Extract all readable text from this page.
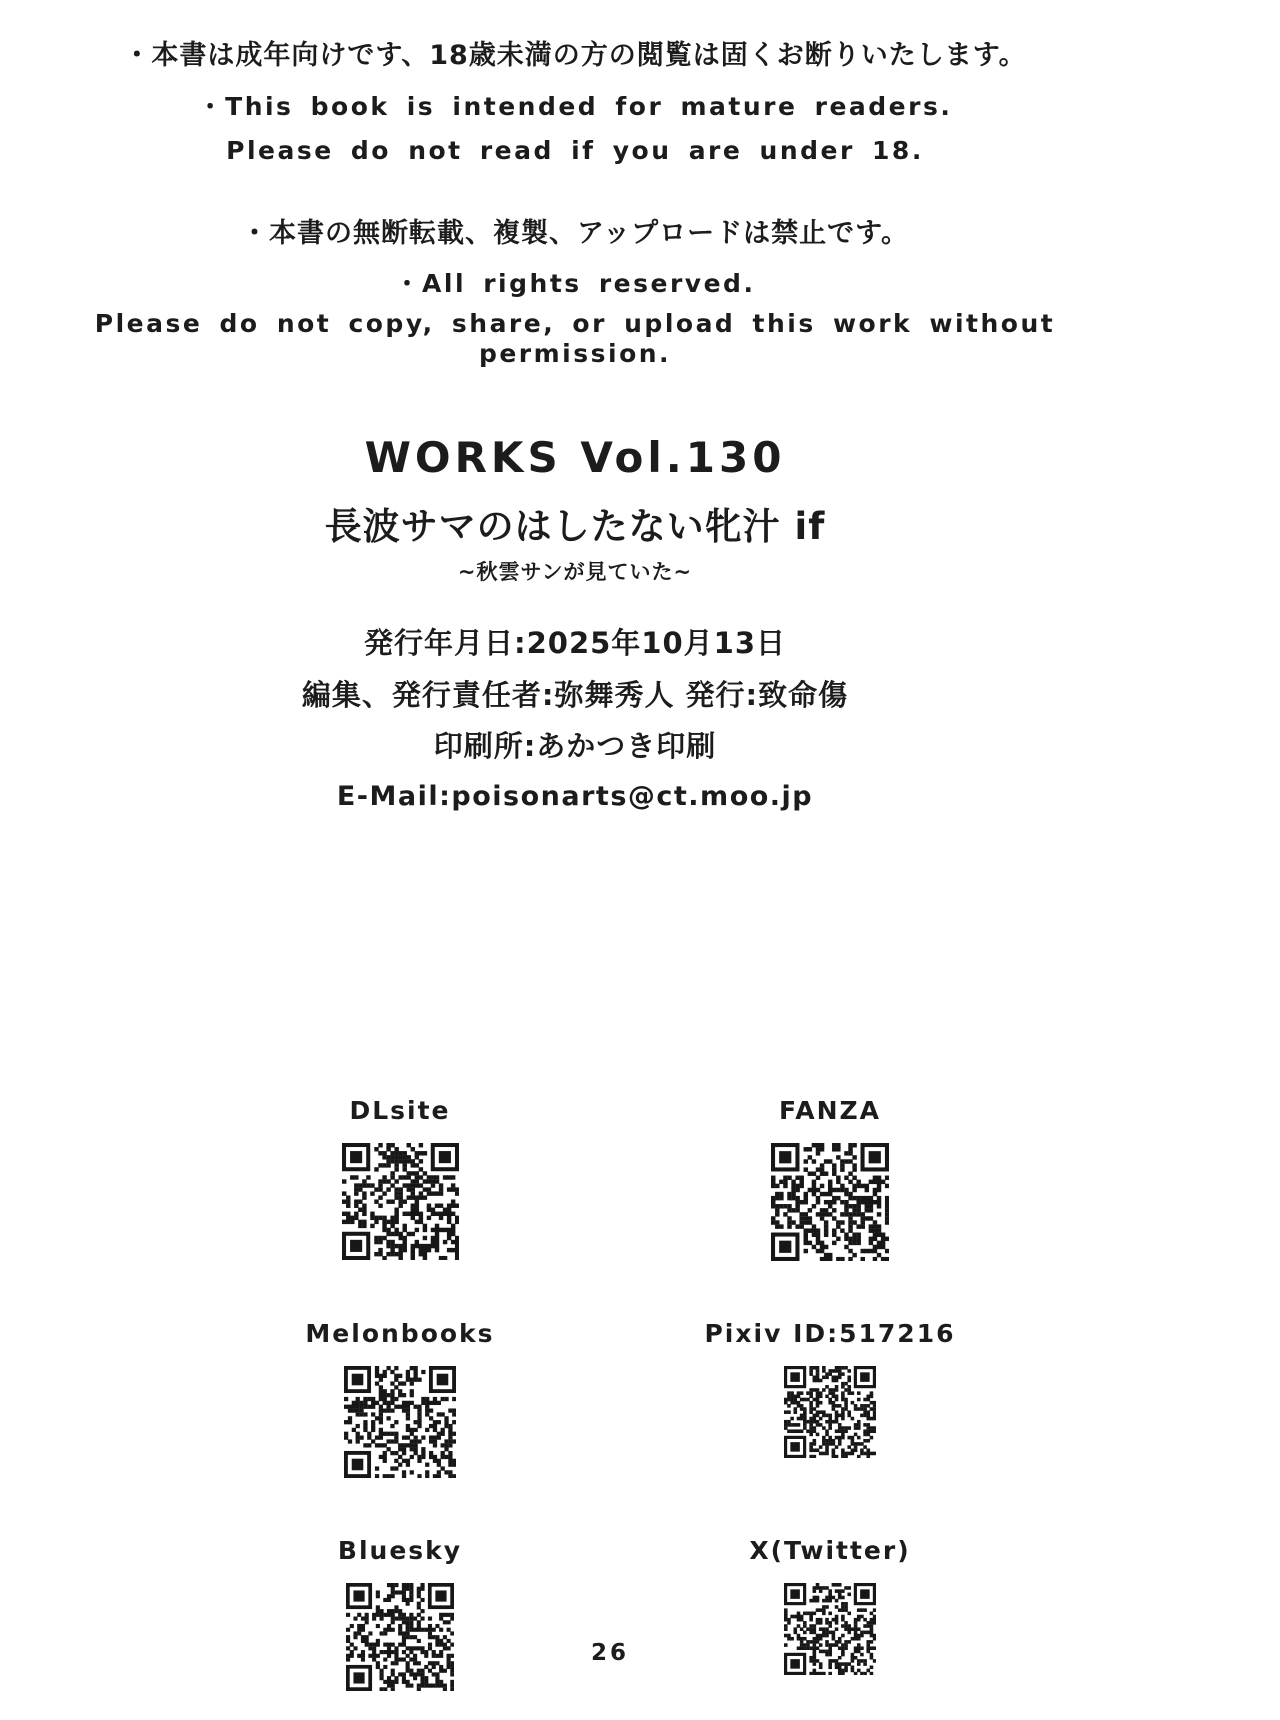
・本書は成年向けです、18歳未満の方の閲覧は固くお断りいたします。
・This book is intended for mature readers.
Please do not read if you are under 18.
・本書の無断転載、複製、アップロードは禁止です。
・All rights reserved.
Please do not copy, share, or upload this work without permission.
WORKS Vol.130
長波サマのはしたない牝汁 if
~秋雲サンが見ていた~
発行年月日:2025年10月13日
編集、発行責任者:弥舞秀人 発行:致命傷
印刷所:あかつき印刷
E-Mail:poisonarts@ct.moo.jp
DLsite	FANZA
Melonbooks	Pixiv ID:517216
Bluesky	X(Twitter)
26
